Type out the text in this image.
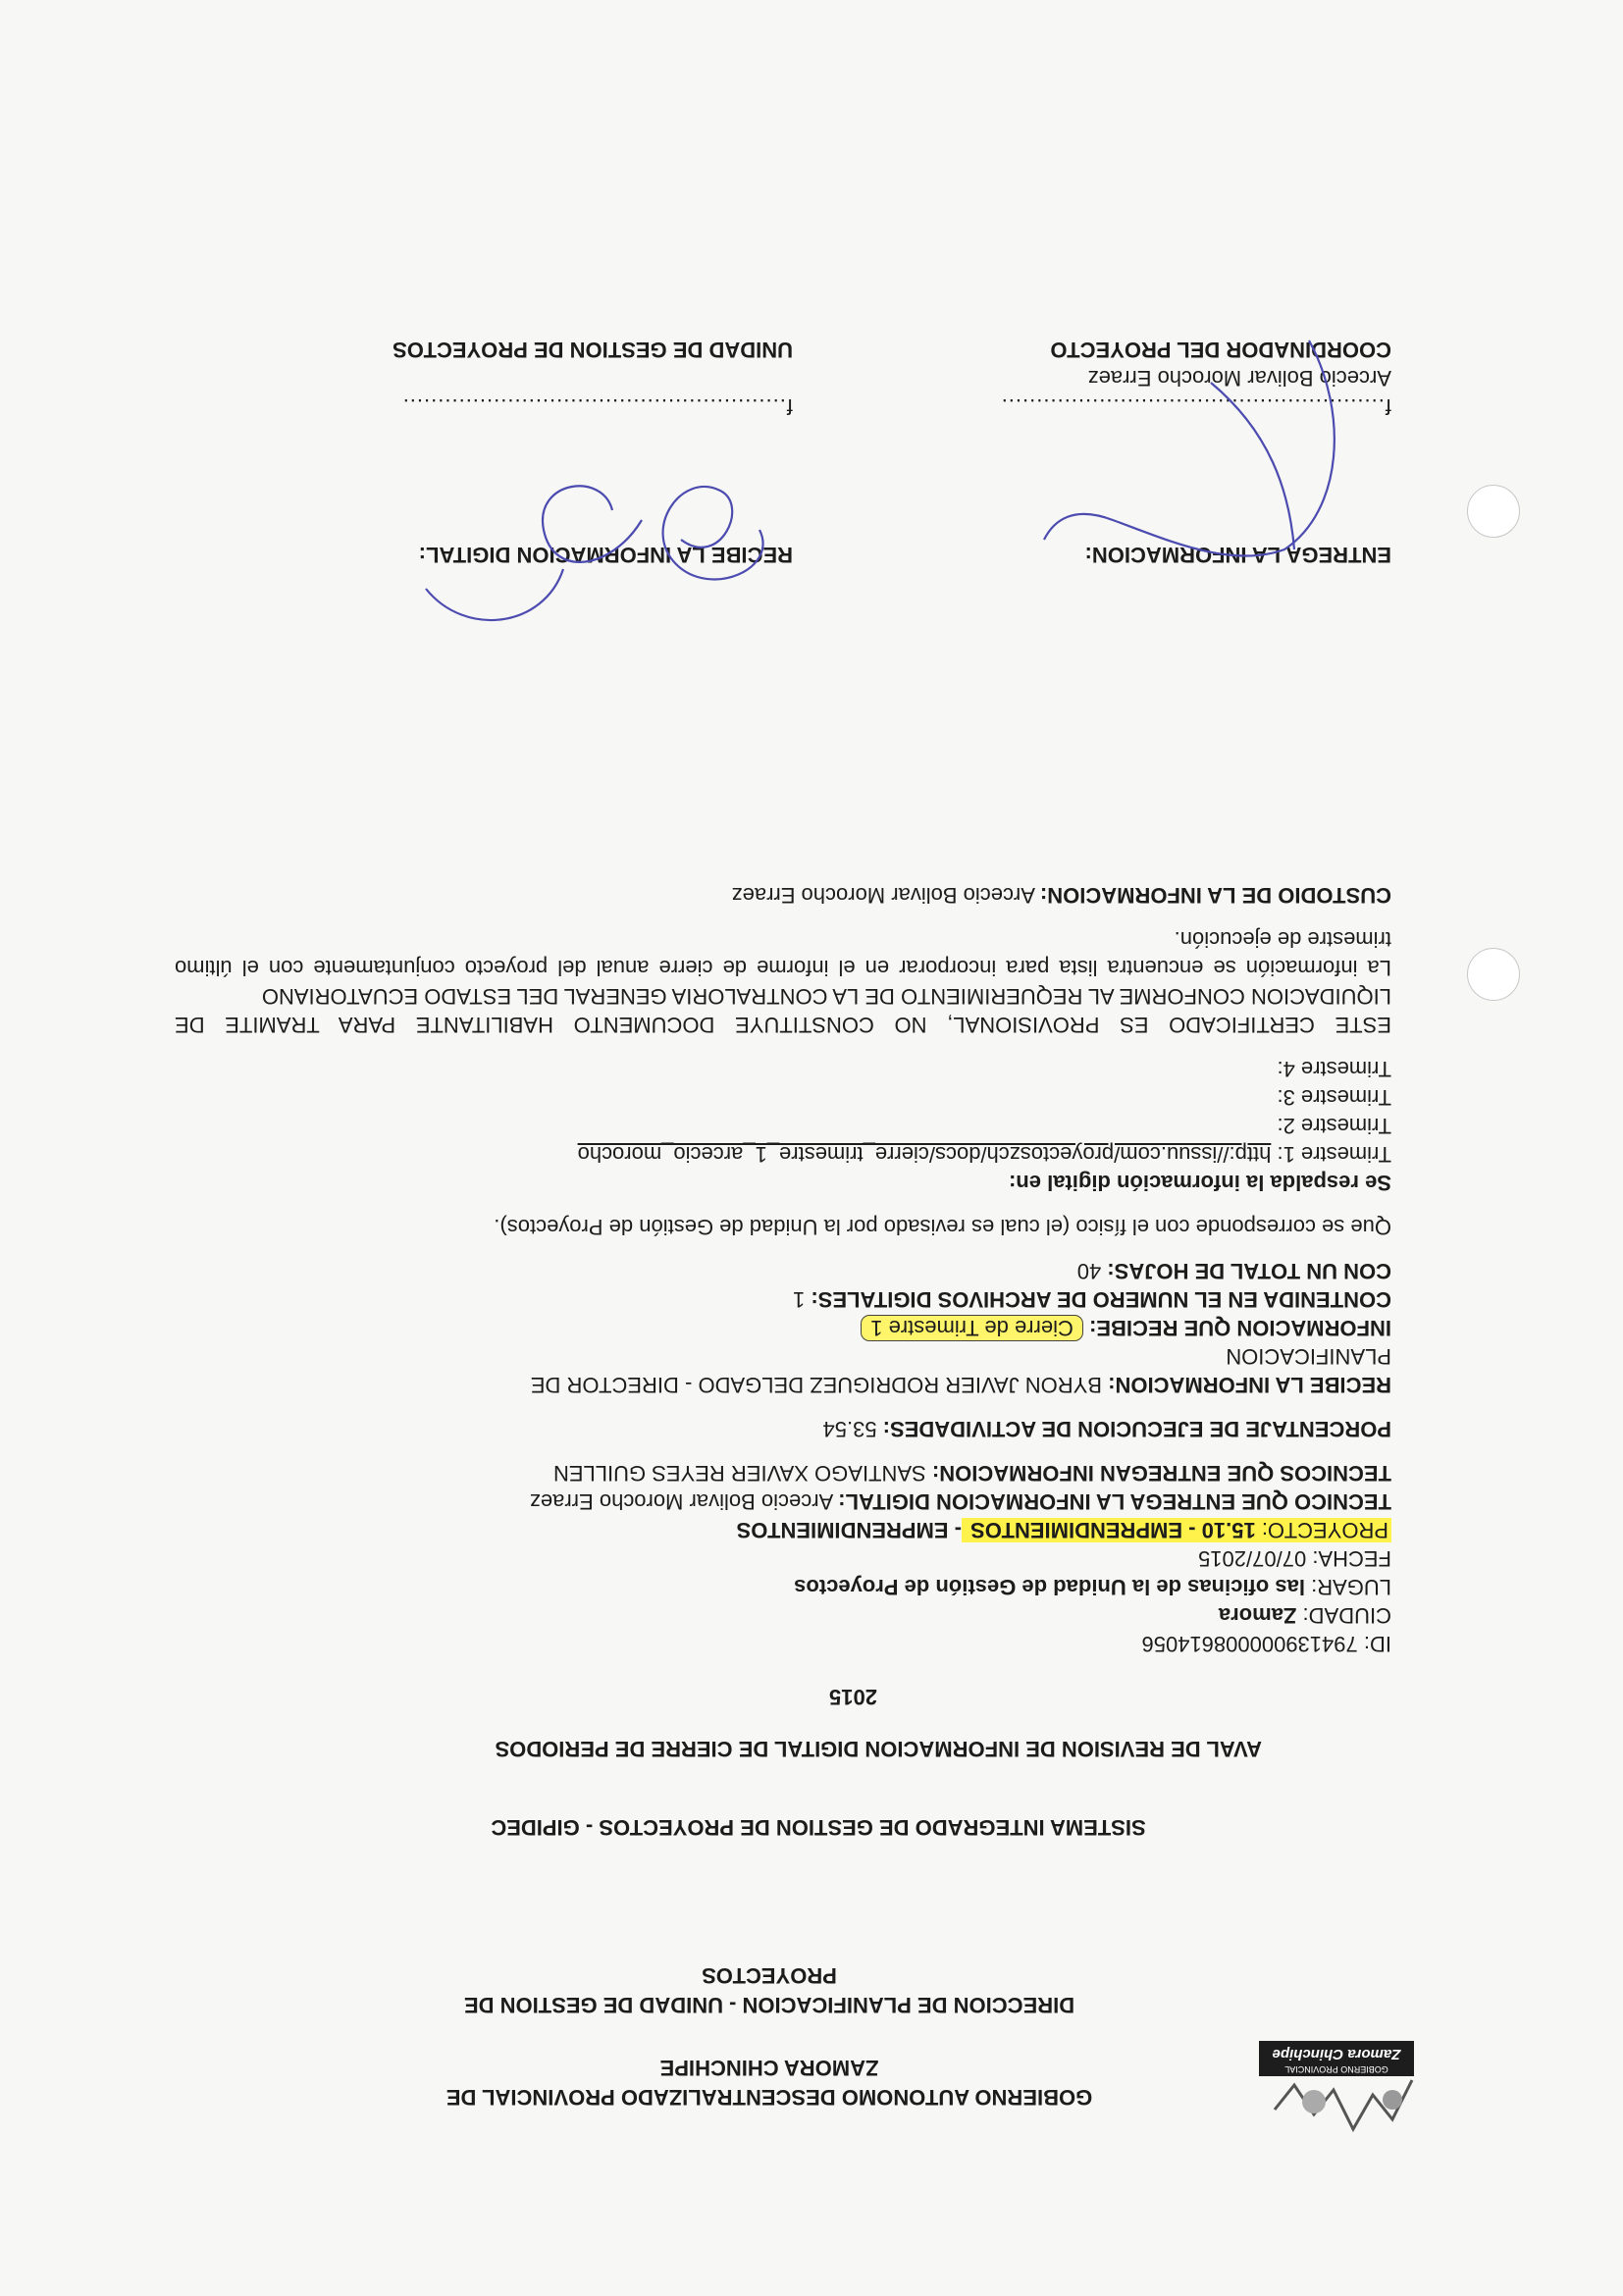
GOBIERNO PROVINCIAL
Zamora Chinchipe
GOBIERNO AUTONOMO DESCENTRALIZADO PROVINCIAL DE
ZAMORA CHINCHIPE
DIRECCION DE PLANIFICACION - UNIDAD DE GESTION DE
PROYECTOS
SISTEMA INTEGRADO DE GESTION DE PROYECTOS - GIPIDEC
AVAL DE REVISION DE INFORMACION DIGITAL DE CIERRE DE PERIODOS
2015
ID: 79413900000861405​6
CIUDAD: Zamora
LUGAR: las oficinas de la Unidad de Gestión de Proyectos
FECHA: 07/07/2015
PROYECTO: 15.10 - EMPRENDIMIENTOS - EMPRENDIMIENTOS
TECNICO QUE ENTREGA LA INFORMACION DIGITAL: Arcecio Bolivar Morocho Erraez
TECNICOS QUE ENTREGAN INFORMACION: SANTIAGO XAVIER REYES GUILLEN
PORCENTAJE DE EJECUCION DE ACTIVIDADES: 53.54
RECIBE LA INFORMACION: BYRON JAVIER RODRIGUEZ DELGADO - DIRECTOR DE
PLANIFICACION
INFORMACION QUE RECIBE: Cierre de Trimestre 1
CONTENIDA EN EL NUMERO DE ARCHIVOS DIGITALES: 1
CON UN TOTAL DE HOJAS: 40
Que se corresponde con el físico (el cual es revisado por la Unidad de Gestión de Proyectos).
Se respalda la información digital en:
Trimestre 1: http://issuu.com/proyectoszch/docs/cierre_trimestre_1_arcecio_morocho
Trimestre 2:
Trimestre 3:
Trimestre 4:
ESTE CERTIFICADO ES PROVISIONAL, NO CONSTITUYE DOCUMENTO HABILITANTE PARA TRAMITE DE LIQUIDACION CONFORME AL REQUERIMIENTO DE LA CONTRALORIA GENERAL DEL ESTADO ECUATORIANO
La información se encuentra lista para incorporar en el informe de cierre anual del proyecto conjuntamente con el último trimestre de ejecución.
CUSTODIO DE LA INFORMACION: Arcecio Bolivar Morocho Erraez
ENTREGA LA INFORMACION:
f.......................................................
Arcecio Bolivar Morocho Erraez
COORDINADOR DEL PROYECTO
RECIBE LA INFORMACION DIGITAL:
f.......................................................
UNIDAD DE GESTION DE PROYECTOS
